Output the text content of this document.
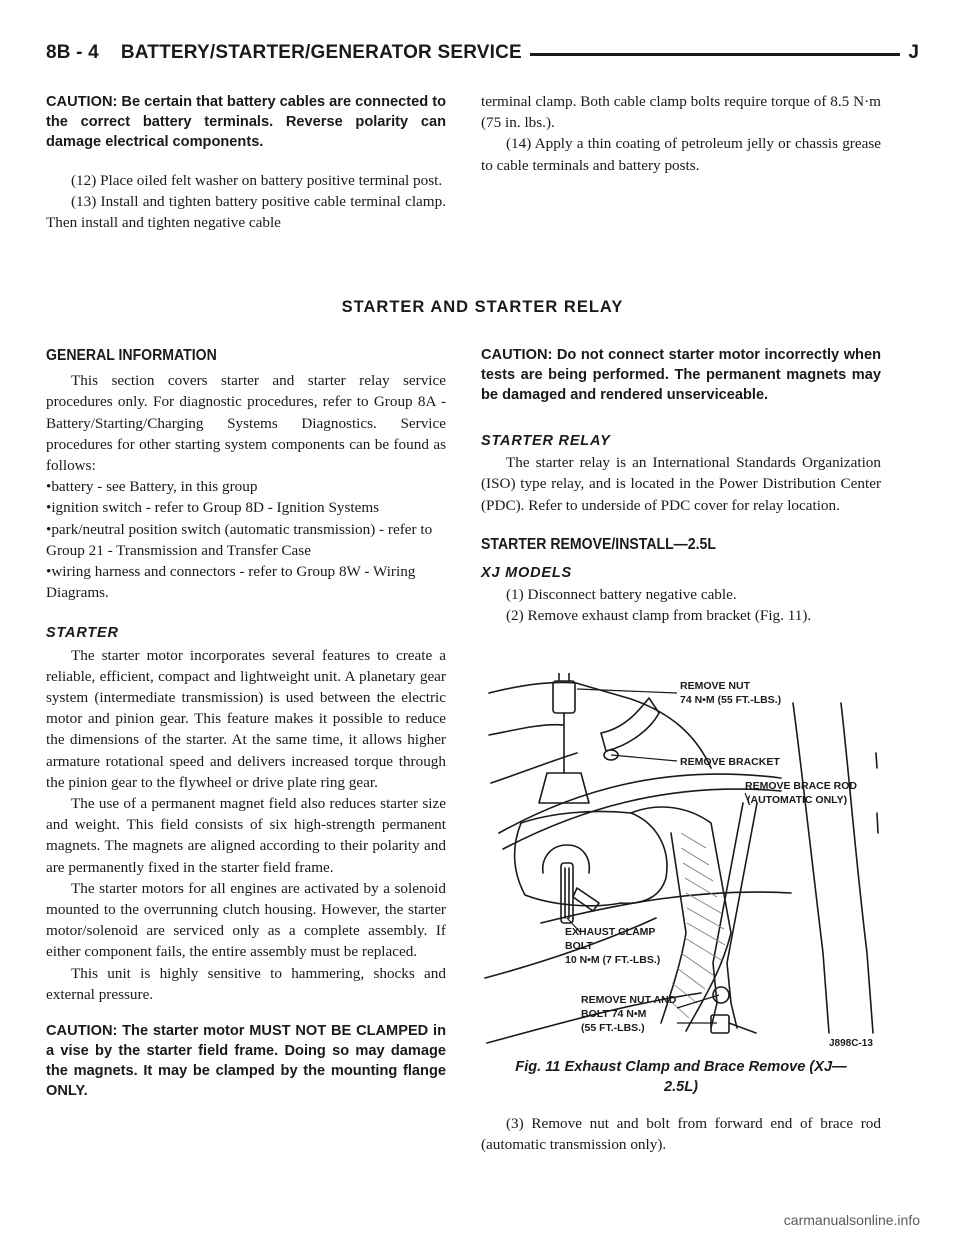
8B - 4    BATTERY/STARTER/GENERATOR SERVICE	J

CAUTION: Be certain that battery cables are connected to the correct battery terminals. Reverse polarity can damage electrical components.

(12) Place oiled felt washer on battery positive terminal post.

(13) Install and tighten battery positive cable terminal clamp. Then install and tighten negative cable

terminal clamp. Both cable clamp bolts require torque of 8.5 N·m (75 in. lbs.).

(14) Apply a thin coating of petroleum jelly or chassis grease to cable terminals and battery posts.

STARTER AND STARTER RELAY

GENERAL INFORMATION

This section covers starter and starter relay service procedures only. For diagnostic procedures, refer to Group 8A - Battery/Starting/Charging Systems Diagnostics. Service procedures for other starting system components can be found as follows:

•battery - see Battery, in this group
•ignition switch - refer to Group 8D - Ignition Systems
•park/neutral position switch (automatic transmission) - refer to Group 21 - Transmission and Transfer Case
•wiring harness and connectors - refer to Group 8W - Wiring Diagrams.

STARTER

The starter motor incorporates several features to create a reliable, efficient, compact and lightweight unit. A planetary gear system (intermediate transmission) is used between the electric motor and pinion gear. This feature makes it possible to reduce the dimensions of the starter. At the same time, it allows higher armature rotational speed and delivers increased torque through the pinion gear to the flywheel or drive plate ring gear.

The use of a permanent magnet field also reduces starter size and weight. This field consists of six high-strength permanent magnets. The magnets are aligned according to their polarity and are permanently fixed in the starter field frame.

The starter motors for all engines are activated by a solenoid mounted to the overrunning clutch housing. However, the starter motor/solenoid are serviced only as a complete assembly. If either component fails, the entire assembly must be replaced.

This unit is highly sensitive to hammering, shocks and external pressure.

CAUTION: The starter motor MUST NOT BE CLAMPED in a vise by the starter field frame. Doing so may damage the magnets. It may be clamped by the mounting flange ONLY.

CAUTION: Do not connect starter motor incorrectly when tests are being performed. The permanent magnets may be damaged and rendered unserviceable.

STARTER RELAY

The starter relay is an International Standards Organization (ISO) type relay, and is located in the Power Distribution Center (PDC). Refer to underside of PDC cover for relay location.

STARTER REMOVE/INSTALL—2.5L

XJ MODELS

(1) Disconnect battery negative cable.

(2) Remove exhaust clamp from bracket (Fig. 11).

REMOVE NUT
74 N•M (55 FT.-LBS.)
REMOVE BRACKET
REMOVE BRACE ROD
(AUTOMATIC ONLY)
EXHAUST CLAMP
BOLT
10 N•M (7 FT.-LBS.)
REMOVE NUT AND
BOLT 74 N•M
(55 FT.-LBS.)
J898C-13

Fig. 11 Exhaust Clamp and Brace Remove (XJ—

2.5L)

(3) Remove nut and bolt from forward end of brace rod (automatic transmission only).

carmanualsonline.info
